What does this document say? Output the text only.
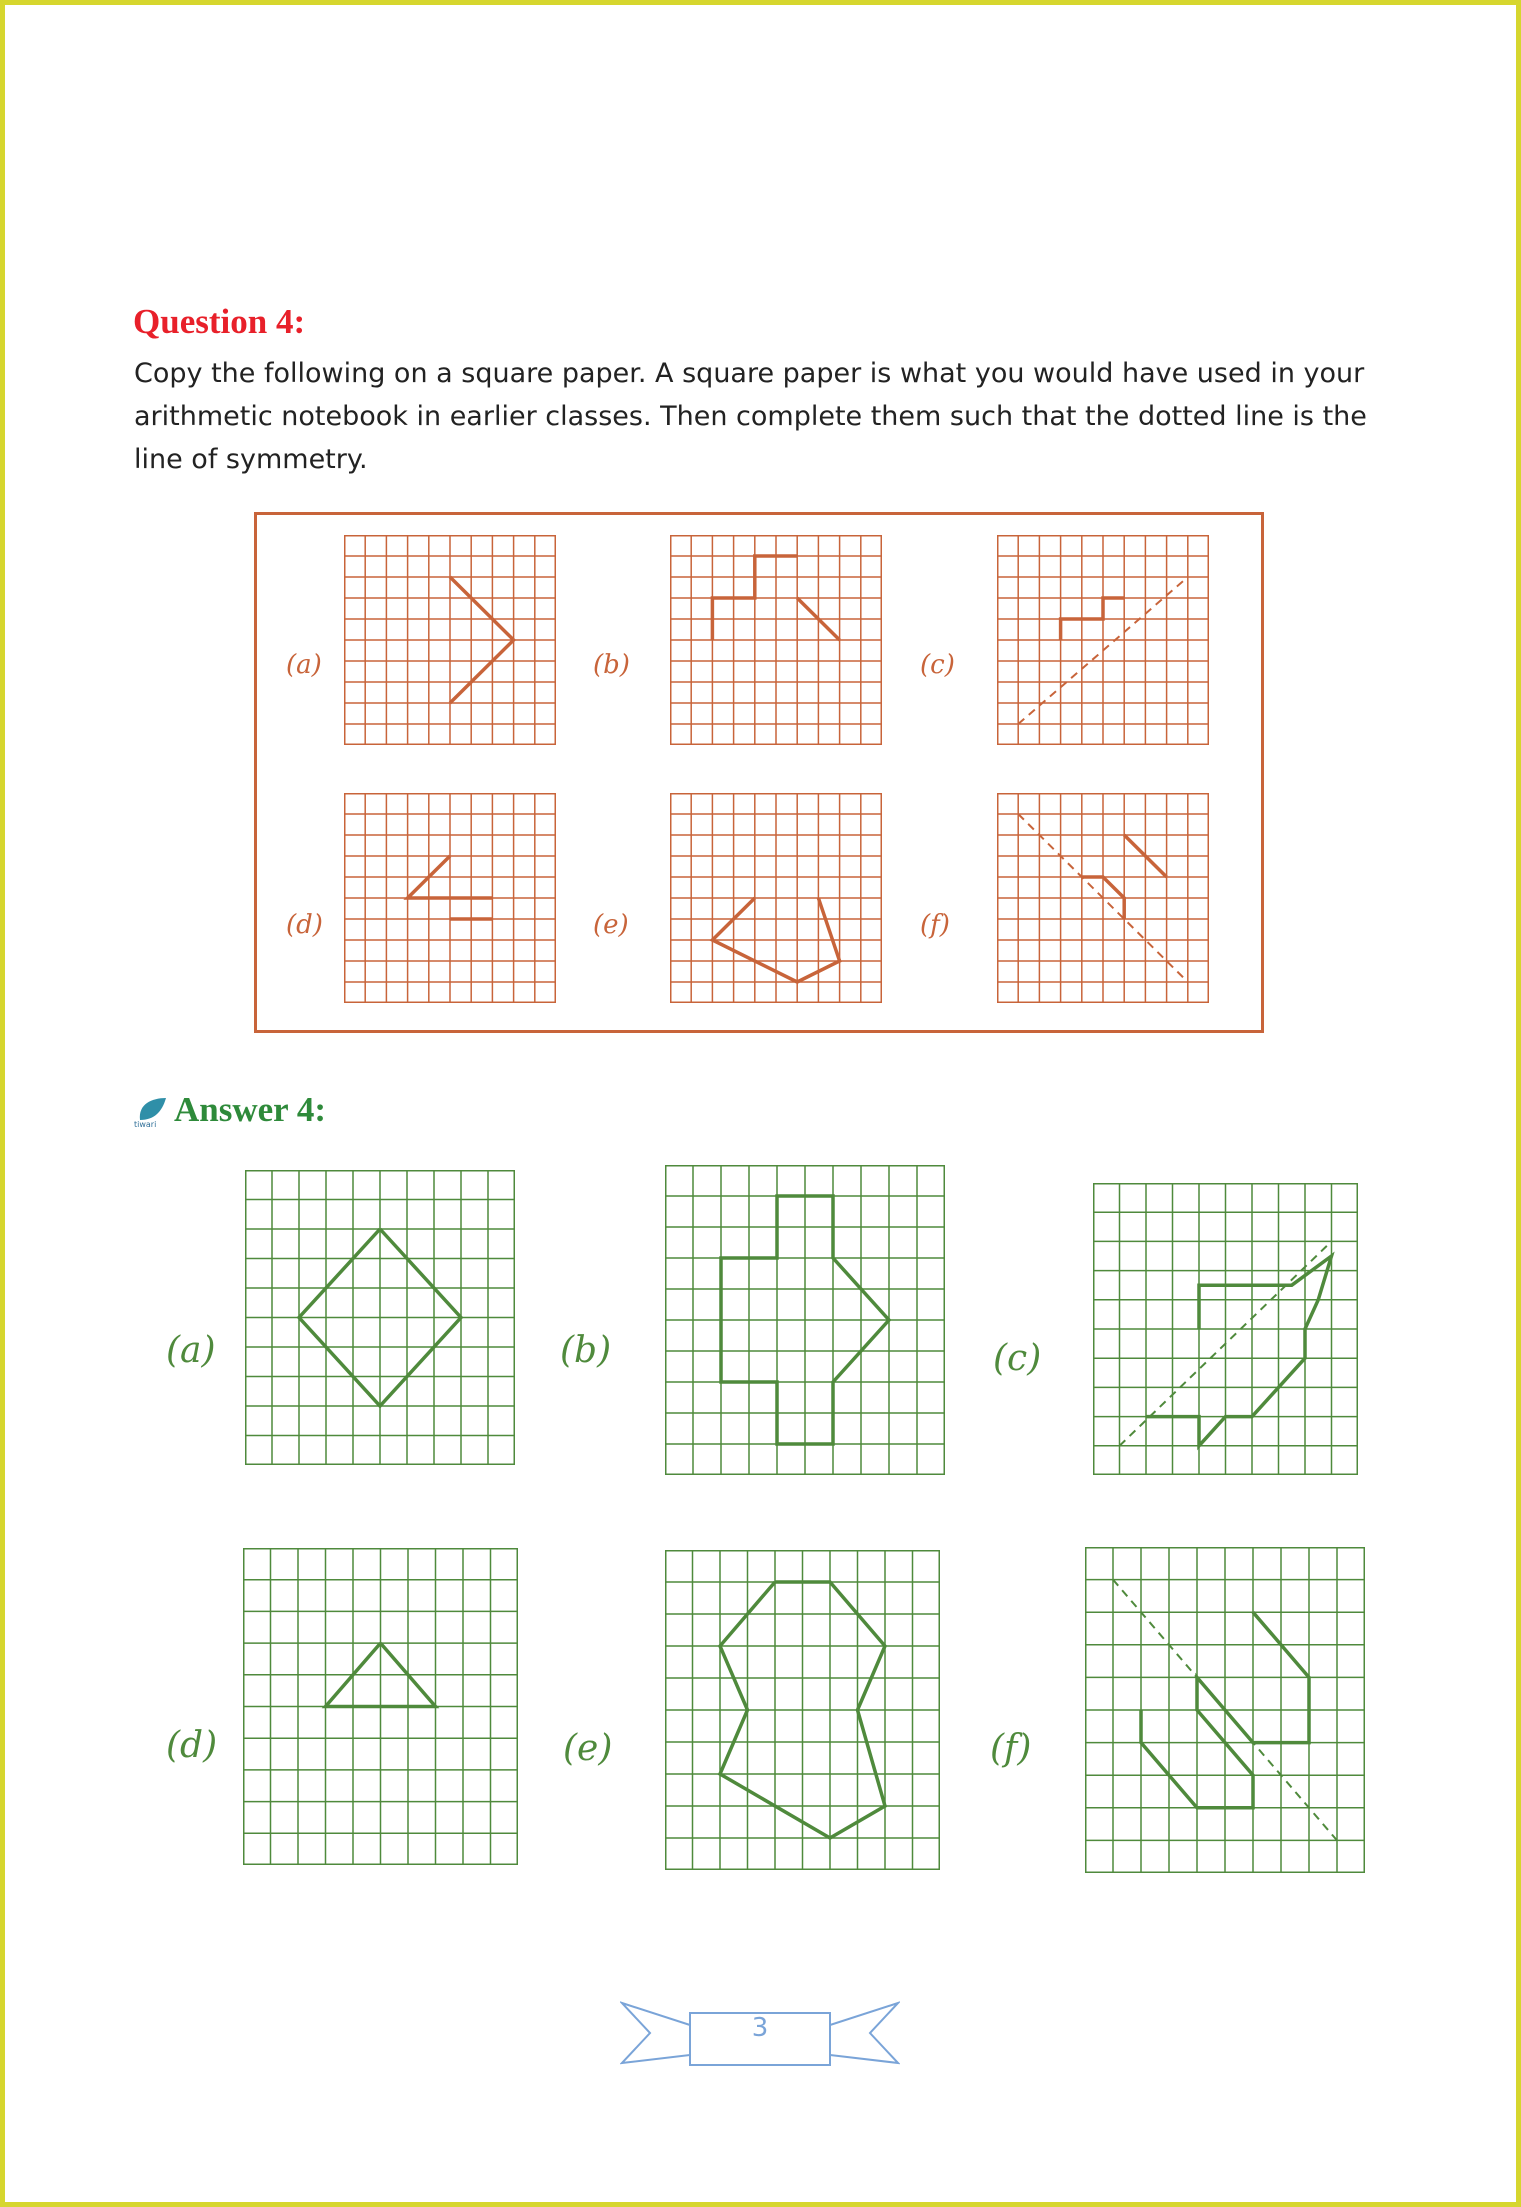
Question 4:
Copy the following on a square paper. A square paper is what you would have used in your arithmetic notebook in earlier classes. Then complete them such that the dotted line is the line of symmetry.
(a)	(b)	(c)
(d)	(e)	(f)
tiwari Answer 4:
(a)	(b)	(c)
(d)	(e)	(f)
3
